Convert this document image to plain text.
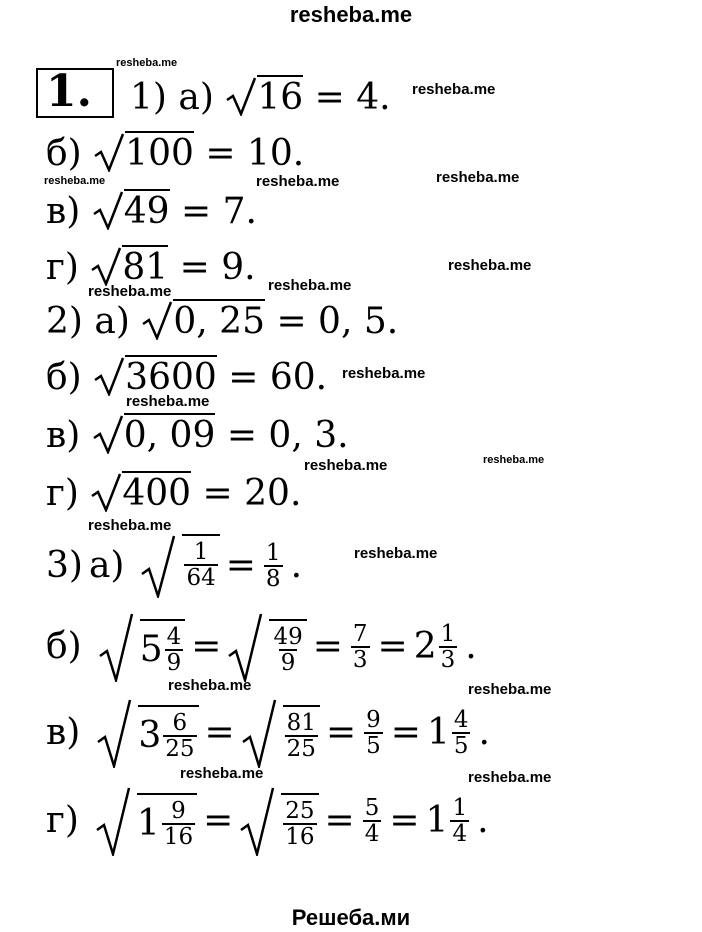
resheba.me
Решеба.ми
1.
resheba.me
resheba.me
resheba.me	resheba.me	resheba.me
resheba.me
resheba.me	resheba.me
resheba.me
resheba.me
resheba.me	resheba.me
resheba.me
resheba.me
resheba.me	resheba.me
resheba.me	resheba.me
1) а) 16 = 4.
б) 100 = 10.
в) 49 = 7.
г) 81 = 9.
2) а) 0, 25 = 0, 5.
б) 3600 = 60.
в) 0, 09 = 0, 3.
г) 400 = 20.
3) а)	$\frac{1}{64} = \frac{1}{8}$ .
б) $5 \frac{4}{9} = \frac{49}{9} = \frac{7}{3} = 2 \frac{1}{3}$ .
в) $3 \frac{6}{25} = \frac{81}{25} = \frac{9}{5} = 1 \frac{4}{5}$ .
г) $1 \frac{9}{16} = \frac{25}{16} = \frac{5}{4} = 1 \frac{1}{4}$ .
